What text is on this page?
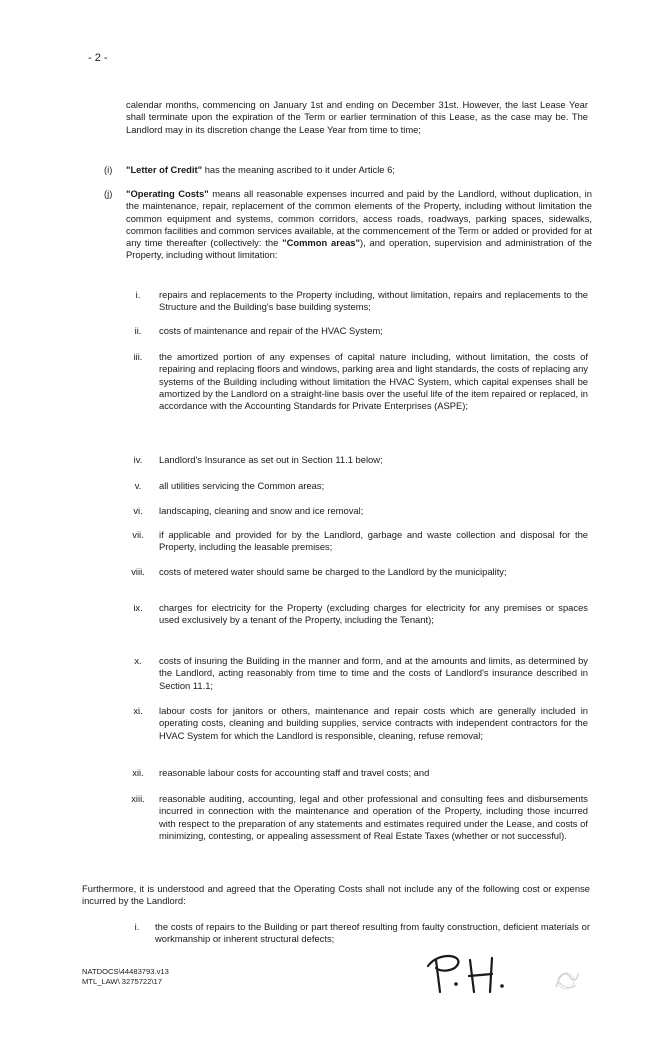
- 2 -

calendar months, commencing on January 1st and ending on December 31st. However, the last Lease Year shall terminate upon the expiration of the Term or earlier termination of this Lease, as the case may be. The Landlord may in its discretion change the Lease Year from time to time;

(i) "Letter of Credit" has the meaning ascribed to it under Article 6;
(j) "Operating Costs" means all reasonable expenses incurred and paid by the Landlord, without duplication, in the maintenance, repair, replacement of the common elements of the Property, including without limitation the common equipment and systems, common corridors, access roads, roadways, parking spaces, sidewalks, common facilities and common services available, at the commencement of the Term or added or provided for at any time thereafter (collectively: the "Common areas"), and operation, supervision and administration of the Property, including without limitation:
i.	repairs and replacements to the Property including, without limitation, repairs and replacements to the Structure and the Building's base building systems;
ii.	costs of maintenance and repair of the HVAC System;
iii.	the amortized portion of any expenses of capital nature including, without limitation, the costs of repairing and replacing floors and windows, parking area and light standards, the costs of replacing any systems of the Building including without limitation the HVAC System, which capital expenses shall be amortized by the Landlord on a straight-line basis over the useful life of the item repaired or replaced, in accordance with the Accounting Standards for Private Enterprises (ASPE);
iv.	Landlord's Insurance as set out in Section 11.1 below;
v.	all utilities servicing the Common areas;
vi.	landscaping, cleaning and snow and ice removal;
vii.	if applicable and provided for by the Landlord, garbage and waste collection and disposal for the Property, including the leasable premises;
viii.	costs of metered water should same be charged to the Landlord by the municipality;
ix.	charges for electricity for the Property (excluding charges for electricity for any premises or spaces used exclusively by a tenant of the Property, including the Tenant);
x.	costs of insuring the Building in the manner and form, and at the amounts and limits, as determined by the Landlord, acting reasonably from time to time and the costs of Landlord's insurance described in Section 11.1;
xi.	labour costs for janitors or others, maintenance and repair costs which are generally included in operating costs, cleaning and building supplies, service contracts with independent contractors for the HVAC System for which the Landlord is responsible, cleaning, refuse removal;
xii.	reasonable labour costs for accounting staff and travel costs; and
xiii.	reasonable auditing, accounting, legal and other professional and consulting fees and disbursements incurred in connection with the maintenance and operation of the Property, including those incurred with respect to the preparation of any statements and estimates required under the Lease, and costs of minimizing, contesting, or appealing assessment of Real Estate Taxes (whether or not successful).

Furthermore, it is understood and agreed that the Operating Costs shall not include any of the following cost or expense incurred by the Landlord:

i.	the costs of repairs to the Building or part thereof resulting from faulty construction, deficient materials or workmanship or inherent structural defects;
NATDOCS\44483793.v13
MTL_LAW\ 3275722\17
